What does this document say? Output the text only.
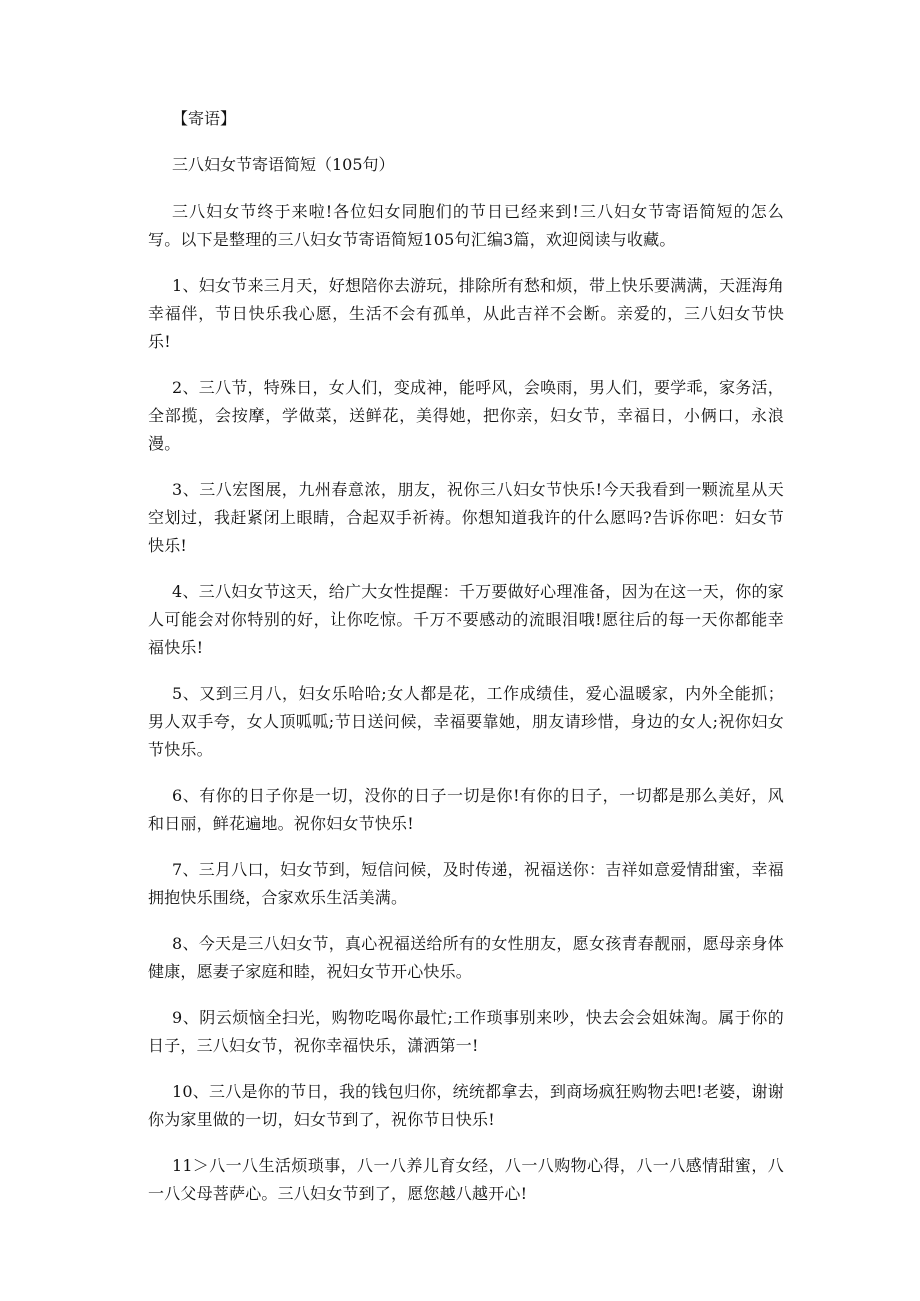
【寄语】
三八妇女节寄语简短（105句）

三八妇女节终于来啦!各位妇女同胞们的节日已经来到!三八妇女节寄语简短的怎么写。以下是整理的三八妇女节寄语简短105句汇编3篇，欢迎阅读与收藏。

1、妇女节来三月天，好想陪你去游玩，排除所有愁和烦，带上快乐要满满，天涯海角幸福伴，节日快乐我心愿，生活不会有孤单，从此吉祥不会断。亲爱的，三八妇女节快乐!

2、三八节，特殊日，女人们，变成神，能呼风，会唤雨，男人们，要学乖，家务活，全部揽，会按摩，学做菜，送鲜花，美得她，把你亲，妇女节，幸福日，小俩口，永浪漫。

3、三八宏图展，九州春意浓，朋友，祝你三八妇女节快乐!今天我看到一颗流星从天空划过，我赶紧闭上眼睛，合起双手祈祷。你想知道我许的什么愿吗?告诉你吧：妇女节快乐!

4、三八妇女节这天，给广大女性提醒：千万要做好心理准备，因为在这一天，你的家人可能会对你特别的好，让你吃惊。千万不要感动的流眼泪哦!愿往后的每一天你都能幸福快乐!

5、又到三月八，妇女乐哈哈;女人都是花，工作成绩佳，爱心温暖家，内外全能抓；男人双手夸，女人顶呱呱;节日送问候，幸福要靠她，朋友请珍惜，身边的女人;祝你妇女节快乐。

6、有你的日子你是一切，没你的日子一切是你!有你的日子，一切都是那么美好，风和日丽，鲜花遍地。祝你妇女节快乐!

7、三月八口，妇女节到，短信问候，及时传递，祝福送你：吉祥如意爱情甜蜜，幸福拥抱快乐围绕，合家欢乐生活美满。

8、今天是三八妇女节，真心祝福送给所有的女性朋友，愿女孩青春靓丽，愿母亲身体健康，愿妻子家庭和睦，祝妇女节开心快乐。

9、阴云烦恼全扫光，购物吃喝你最忙;工作琐事别来吵，快去会会姐妹淘。属于你的日子，三八妇女节，祝你幸福快乐，潇洒第一!

10、三八是你的节日，我的钱包归你，统统都拿去，到商场疯狂购物去吧!老婆，谢谢你为家里做的一切，妇女节到了，祝你节日快乐!

11＞八一八生活烦琐事，八一八养儿育女经，八一八购物心得，八一八感情甜蜜，八一八父母菩萨心。三八妇女节到了，愿您越八越开心!
